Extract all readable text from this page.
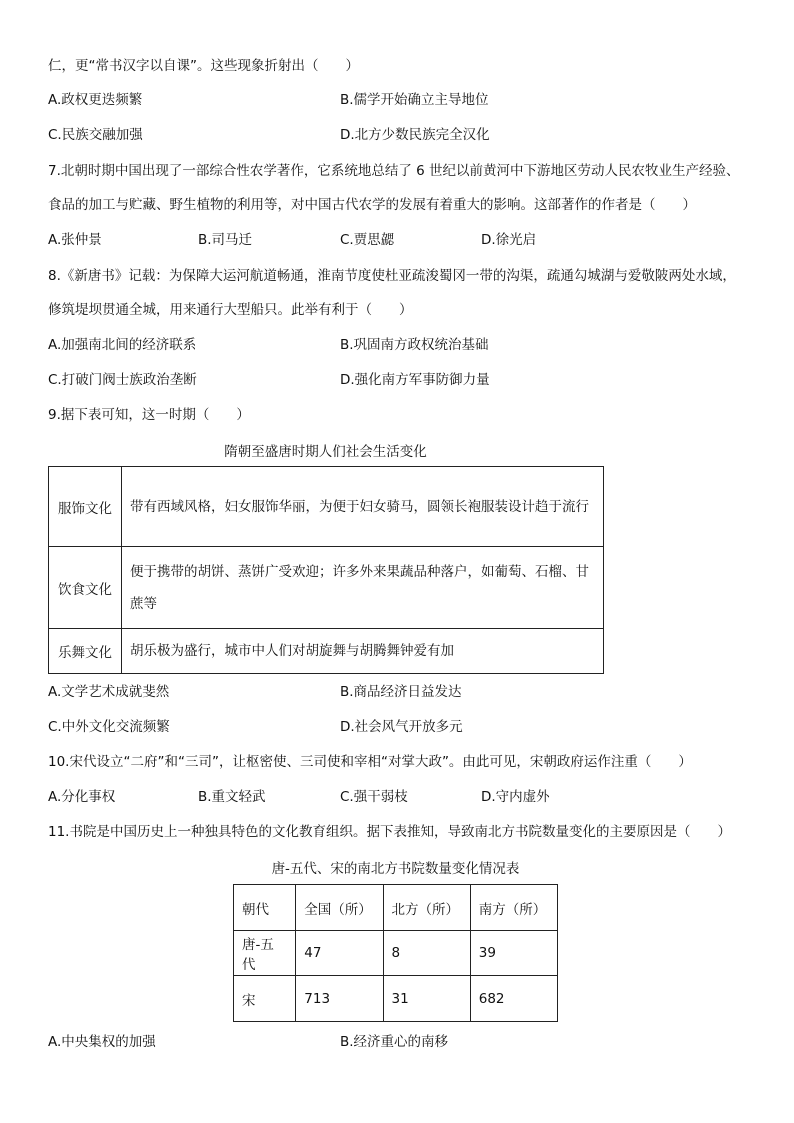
仁，更“常书汉字以自课”。这些现象折射出（　　）
A.政权更迭频繁	B.儒学开始确立主导地位
C.民族交融加强	D.北方少数民族完全汉化
7.北朝时期中国出现了一部综合性农学著作，它系统地总结了 6 世纪以前黄河中下游地区劳动人民农牧业生产经验、
食品的加工与贮藏、野生植物的利用等，对中国古代农学的发展有着重大的影响。这部著作的作者是（　　）
A.张仲景	B.司马迁	C.贾思勰	D.徐光启
8.《新唐书》记载：为保障大运河航道畅通，淮南节度使杜亚疏浚蜀冈一带的沟渠，疏通勾城湖与爱敬陂两处水域，
修筑堤坝贯通全城，用来通行大型船只。此举有利于（　　）
A.加强南北间的经济联系	B.巩固南方政权统治基础
C.打破门阀士族政治垄断	D.强化南方军事防御力量
9.据下表可知，这一时期（　　）
隋朝至盛唐时期人们社会生活变化
服饰文化	带有西域风格，妇女服饰华丽，为便于妇女骑马，圆领长袍服装设计趋于流行
饮食文化	便于携带的胡饼、蒸饼广受欢迎；许多外来果蔬品种落户，如葡萄、石榴、甘蔗等
乐舞文化	胡乐极为盛行，城市中人们对胡旋舞与胡腾舞钟爱有加
A.文学艺术成就斐然	B.商品经济日益发达
C.中外文化交流频繁	D.社会风气开放多元
10.宋代设立“二府”和“三司”，让枢密使、三司使和宰相“对掌大政”。由此可见，宋朝政府运作注重（　　）
A.分化事权	B.重文轻武	C.强干弱枝	D.守内虚外
11.书院是中国历史上一种独具特色的文化教育组织。据下表推知，导致南北方书院数量变化的主要原因是（　　）
唐-五代、宋的南北方书院数量变化情况表
朝代	全国（所）	北方（所）	南方（所）
唐-五代	47	8	39
宋	713	31	682
A.中央集权的加强	B.经济重心的南移
